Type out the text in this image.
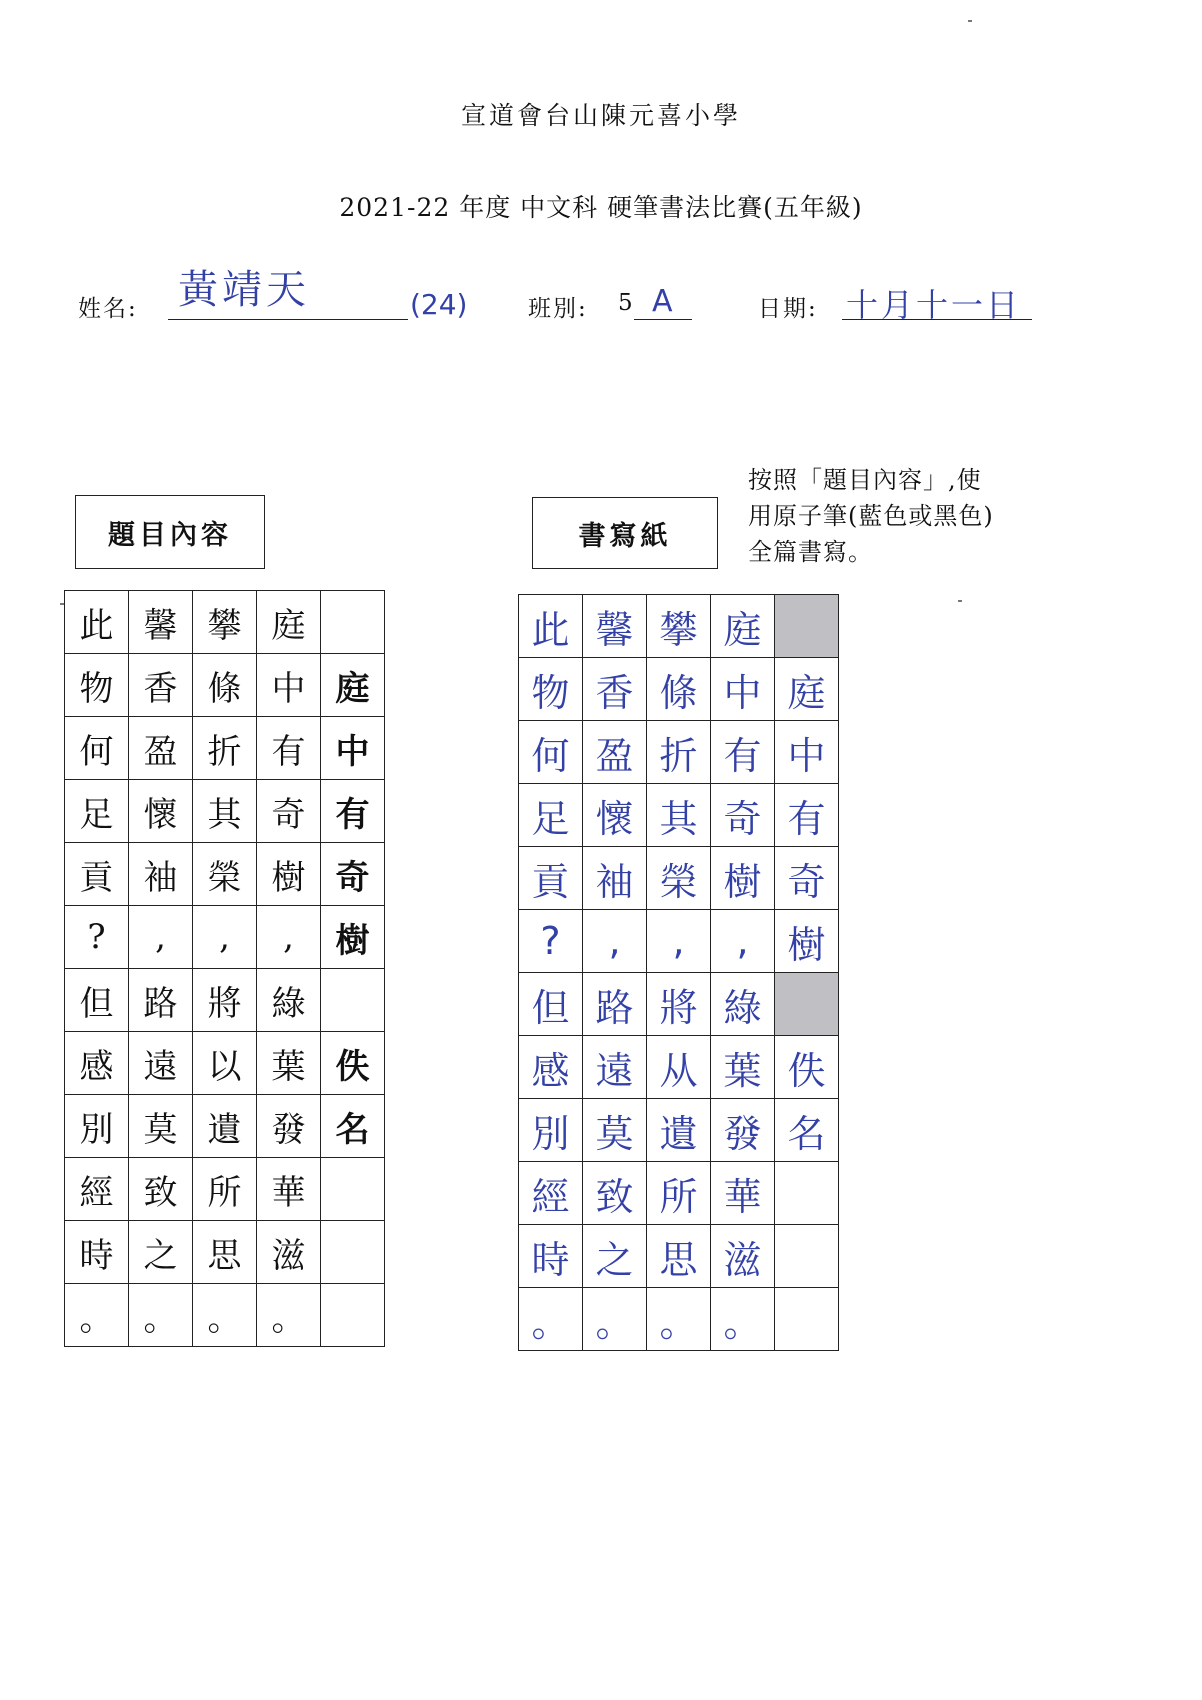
宣道會台山陳元喜小學
2021-22 年度 中文科 硬筆書法比賽(五年級)
姓名: 黃靖天	(24)	班別: 5 A	日期: 十月十一日
按照「題目內容」,使
用原子筆(藍色或黑色)
全篇書寫。
題目內容	書寫紙
此	馨	攀	庭	
物	香	條	中	庭
何	盈	折	有	中
足	懷	其	奇	有
貢	袖	榮	樹	奇
?	,	,	,	樹
但	路	將	綠	
感	遠	以	葉	佚
別	莫	遺	發	名
經	致	所	華	
時	之	思	滋	
。	。	。	。	
此	馨	攀	庭	
物	香	條	中	庭
何	盈	折	有	中
足	懷	其	奇	有
貢	袖	榮	樹	奇
?	,	,	,	樹
但	路	將	綠	
感	遠	从	葉	佚
別	莫	遺	發	名
經	致	所	華	
時	之	思	滋	
。	。	。	。	
